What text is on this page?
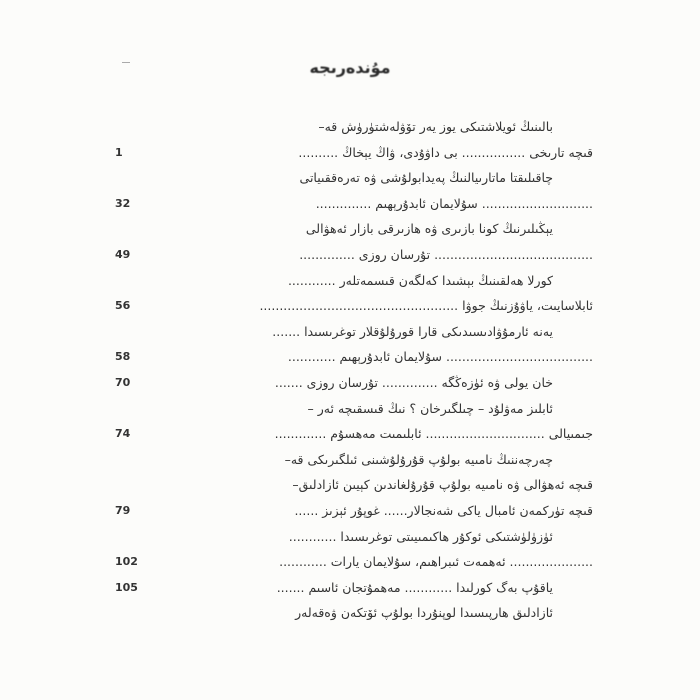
مۇندەرىجە
بالىنىڭ ئويلاشتىكى يوز يەر تۆۋلەشتۈرۈش قە–
1	قىچە تارىخى ................ بى داۋۇدى، ۋاڭ يېخاڭ ..........
چاقىلىقتا ماتارىيالنىڭ پەيدابولۇشى ۋە تەرەققىياتى
32	............................ سۇلايمان ئابدۇرېھىم ..............
يېڭىلىرنىڭ كونا بازىرى ۋە هازىرقى بازار ئەھۋالى
49	........................................ تۇرسان روزى ..............
كورلا ھەلقىنىڭ بېشىدا كەلگەن قىسمەتلەر ............
56	ئابلاسايىت، ياۋۇزنىڭ جوۋا ..................................................
يەنە ئارمۇۋادىسىدىكى قارا قورۇلۇقلار توغرىسىدا .......
58	..................................... سۇلايمان ئابدۇرېھىم ............
70	خان يولى ۋە ئۈزەڭگە .............. تۇرسان روزى .......
ئابلىز مەۋلۇد – چىلگىرخان ؟ نىڭ قىسقىچە ئەر –
74	جىمىيالى .............................. ئابلىمىت مەھسۇم .............
چەرچەننىڭ نامىيە بولۇپ قۇرۇلۇشىنى ئىلگىرىكى قە–
قىچە ئەھۋالى ۋە نامىيە بولۇپ قۇرۇلغاندىن كېيىن ئازادلىق–
79	قىچە تۈركمەن ئامبال ياكى شەنجالار...... غوپۇر ئېزىز ......
ئۈزۈلۈشتىكى ئوكۇر ھاكىمىيىتى توغرىسىدا ............
102	..................... ئەھمەت ئىبراھىم، سۇلايمان يارات ............
105	ياقۇپ بەگ كورلىدا ............ مەھمۇتجان ئاسىم .......
ئازادلىق ھارپىسىدا لوپنۇردا بولۇپ ئۆتكەن ۋەقەلەر
